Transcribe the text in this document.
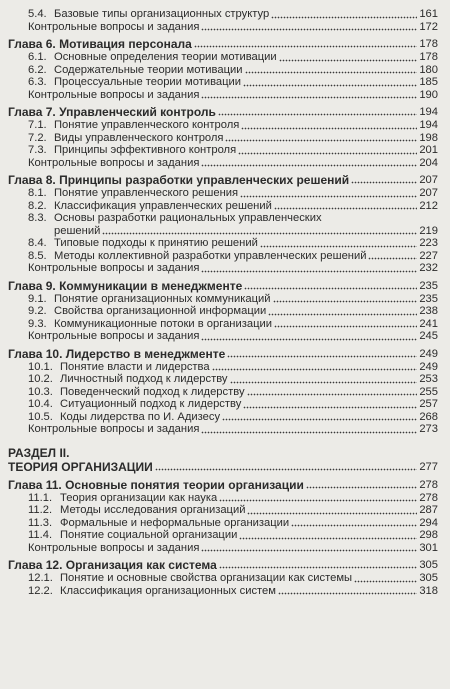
5.4. Базовые типы организационных структур	161
Контрольные вопросы и задания	172
Глава 6. Мотивация персонала	178
6.1. Основные определения теории мотивации	178
6.2. Содержательные теории мотивации	180
6.3. Процессуальные теории мотивации	185
Контрольные вопросы и задания	190
Глава 7. Управленческий контроль	194
7.1. Понятие управленческого контроля	194
7.2. Виды управленческого контроля	198
7.3. Принципы эффективного контроля	201
Контрольные вопросы и задания	204
Глава 8. Принципы разработки управленческих решений	207
8.1. Понятие управленческого решения	207
8.2. Классификация управленческих решений	212
8.3. Основы разработки рациональных управленческих
решений	219
8.4. Типовые подходы к принятию решений	223
8.5. Методы коллективной разработки управленческих решений	227
Контрольные вопросы и задания	232
Глава 9. Коммуникации в менеджменте	235
9.1. Понятие организационных коммуникаций	235
9.2. Свойства организационной информации	238
9.3. Коммуникационные потоки в организации	241
Контрольные вопросы и задания	245
Глава 10. Лидерство в менеджменте	249
10.1. Понятие власти и лидерства	249
10.2. Личностный подход к лидерству	253
10.3. Поведенческий подход к лидерству	255
10.4. Ситуационный подход к лидерству	257
10.5. Коды лидерства по И. Адизесу	268
Контрольные вопросы и задания	273
РАЗДЕЛ II.
ТЕОРИЯ ОРГАНИЗАЦИИ	277
Глава 11. Основные понятия теории организации	278
11.1. Теория организации как наука	278
11.2. Методы исследования организаций	287
11.3. Формальные и неформальные организации	294
11.4. Понятие социальной организации	298
Контрольные вопросы и задания	301
Глава 12. Организация как система	305
12.1. Понятие и основные свойства организации как системы	305
12.2. Классификация организационных систем	318
